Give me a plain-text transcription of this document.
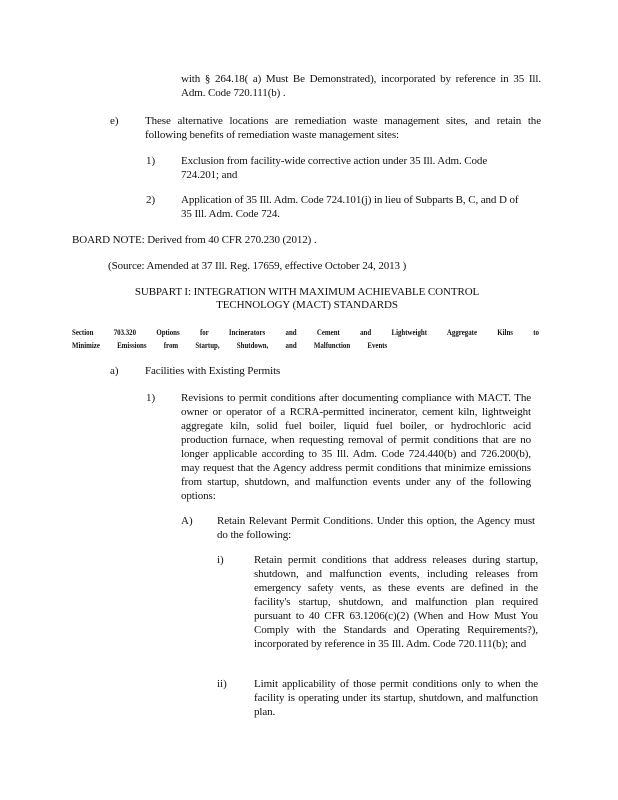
with § 264.18( a) Must Be Demonstrated), incorporated by reference in 35 Ill. Adm. Code 720.111(b) .
e) These alternative locations are remediation waste management sites, and retain the following benefits of remediation waste management sites:
1) Exclusion from facility-wide corrective action under 35 Ill. Adm. Code 724.201; and
2) Application of 35 Ill. Adm. Code 724.101(j) in lieu of Subparts B, C, and D of 35 Ill. Adm. Code 724.
BOARD NOTE: Derived from 40 CFR 270.230 (2012) .
(Source: Amended at 37 Ill. Reg. 17659, effective October 24, 2013 )
SUBPART I: INTEGRATION WITH MAXIMUM ACHIEVABLE CONTROL
TECHNOLOGY (MACT) STANDARDS
Section 703.320 Options for Incinerators and Cement and Lightweight Aggregate Kilns to
Minimize Emissions from Startup, Shutdown, and Malfunction Events
a) Facilities with Existing Permits
1) Revisions to permit conditions after documenting compliance with MACT. The owner or operator of a RCRA-permitted incinerator, cement kiln, lightweight aggregate kiln, solid fuel boiler, liquid fuel boiler, or hydrochloric acid production furnace, when requesting removal of permit conditions that are no longer applicable according to 35 Ill. Adm. Code 724.440(b) and 726.200(b), may request that the Agency address permit conditions that minimize emissions from startup, shutdown, and malfunction events under any of the following options:
A) Retain Relevant Permit Conditions. Under this option, the Agency must do the following:
i)	Retain permit conditions that address releases during startup, shutdown, and malfunction events, including releases from emergency safety vents, as these events are defined in the facility's startup, shutdown, and malfunction plan required pursuant to 40 CFR 63.1206(c)(2) (When and How Must You Comply with the Standards and Operating Requirements?), incorporated by reference in 35 Ill. Adm. Code 720.111(b); and
ii) Limit applicability of those permit conditions only to when the facility is operating under its startup, shutdown, and malfunction plan.
